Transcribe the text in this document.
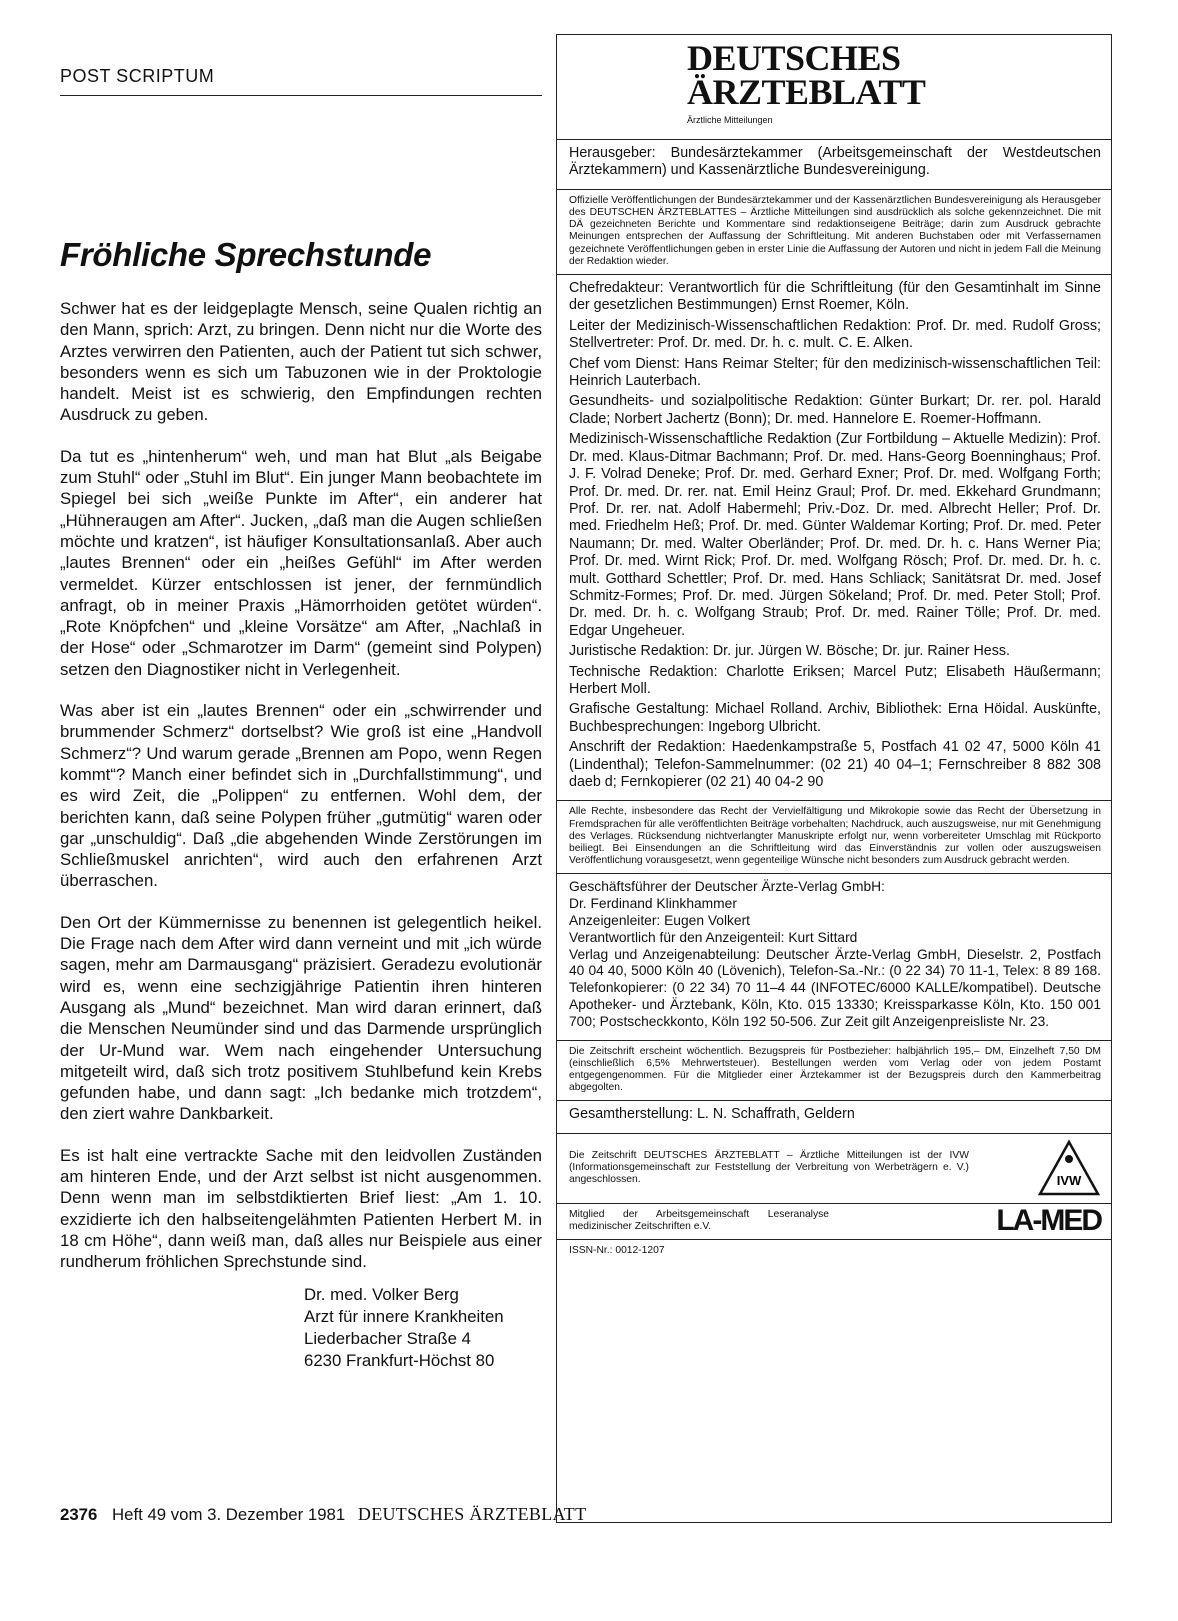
POST SCRIPTUM
Fröhliche Sprechstunde

Schwer hat es der leidgeplagte Mensch, seine Qualen richtig an den Mann, sprich: Arzt, zu bringen. Denn nicht nur die Worte des Arztes verwirren den Patienten, auch der Patient tut sich schwer, besonders wenn es sich um Tabuzonen wie in der Proktologie handelt. Meist ist es schwierig, den Empfindungen rechten Ausdruck zu geben.

Da tut es „hintenherum“ weh, und man hat Blut „als Beigabe zum Stuhl“ oder „Stuhl im Blut“. Ein junger Mann beobachtete im Spiegel bei sich „weiße Punkte im After“, ein anderer hat „Hühneraugen am After“. Jucken, „daß man die Augen schließen möchte und kratzen“, ist häufiger Konsultationsanlaß. Aber auch „lautes Brennen“ oder ein „heißes Gefühl“ im After werden vermeldet. Kürzer entschlossen ist jener, der fernmündlich anfragt, ob in meiner Praxis „Hämorrhoiden getötet würden“. „Rote Knöpfchen“ und „kleine Vorsätze“ am After, „Nachlaß in der Hose“ oder „Schmarotzer im Darm“ (gemeint sind Polypen) setzen den Diagnostiker nicht in Verlegenheit.

Was aber ist ein „lautes Brennen“ oder ein „schwirrender und brummender Schmerz“ dortselbst? Wie groß ist eine „Handvoll Schmerz“? Und warum gerade „Brennen am Popo, wenn Regen kommt“? Manch einer befindet sich in „Durchfallstimmung“, und es wird Zeit, die „Polippen“ zu entfernen. Wohl dem, der berichten kann, daß seine Polypen früher „gutmütig“ waren oder gar „unschuldig“. Daß „die abgehenden Winde Zerstörungen im Schließmuskel anrichten“, wird auch den erfahrenen Arzt überraschen.

Den Ort der Kümmernisse zu benennen ist gelegentlich heikel. Die Frage nach dem After wird dann verneint und mit „ich würde sagen, mehr am Darmausgang“ präzisiert. Geradezu evolutionär wird es, wenn eine sechzigjährige Patientin ihren hinteren Ausgang als „Mund“ bezeichnet. Man wird daran erinnert, daß die Menschen Neumünder sind und das Darmende ursprünglich der Ur-Mund war. Wem nach eingehender Untersuchung mitgeteilt wird, daß sich trotz positivem Stuhlbefund kein Krebs gefunden habe, und dann sagt: „Ich bedanke mich trotzdem“, den ziert wahre Dankbarkeit.

Es ist halt eine vertrackte Sache mit den leidvollen Zuständen am hinteren Ende, und der Arzt selbst ist nicht ausgenommen. Denn wenn man im selbstdiktierten Brief liest: „Am 1. 10. exzidierte ich den halbseitengelähmten Patienten Herbert M. in 18 cm Höhe“, dann weiß man, daß alles nur Beispiele aus einer rundherum fröhlichen Sprechstunde sind.

Dr. med. Volker Berg
Arzt für innere Krankheiten
Liederbacher Straße 4
6230 Frankfurt-Höchst 80
DEUTSCHES
ÄRZTEBLATT
Ärztliche Mitteilungen

Herausgeber: Bundesärztekammer (Arbeitsgemeinschaft der Westdeutschen Ärztekammern) und Kassenärztliche Bundesvereinigung.

Offizielle Veröffentlichungen der Bundesärztekammer und der Kassenärztlichen Bundesvereinigung als Herausgeber des DEUTSCHEN ÄRZTEBLATTES – Ärztliche Mitteilungen sind ausdrücklich als solche gekennzeichnet. Die mit DÄ gezeichneten Berichte und Kommentare sind redaktionseigene Beiträge; darin zum Ausdruck gebrachte Meinungen entsprechen der Auffassung der Schriftleitung. Mit anderen Buchstaben oder mit Verfassernamen gezeichnete Veröffentlichungen geben in erster Linie die Auffassung der Autoren und nicht in jedem Fall die Meinung der Redaktion wieder.

Chefredakteur: Verantwortlich für die Schriftleitung (für den Gesamtinhalt im Sinne der gesetzlichen Bestimmungen) Ernst Roemer, Köln.

Leiter der Medizinisch-Wissenschaftlichen Redaktion: Prof. Dr. med. Rudolf Gross; Stellvertreter: Prof. Dr. med. Dr. h. c. mult. C. E. Alken.

Chef vom Dienst: Hans Reimar Stelter; für den medizinisch-wissenschaftlichen Teil: Heinrich Lauterbach.

Gesundheits- und sozialpolitische Redaktion: Günter Burkart; Dr. rer. pol. Harald Clade; Norbert Jachertz (Bonn); Dr. med. Hannelore E. Roemer-Hoffmann.

Medizinisch-Wissenschaftliche Redaktion (Zur Fortbildung – Aktuelle Medizin): Prof. Dr. med. Klaus-Ditmar Bachmann; Prof. Dr. med. Hans-Georg Boenninghaus; Prof. J. F. Volrad Deneke; Prof. Dr. med. Gerhard Exner; Prof. Dr. med. Wolfgang Forth; Prof. Dr. med. Dr. rer. nat. Emil Heinz Graul; Prof. Dr. med. Ekkehard Grundmann; Prof. Dr. rer. nat. Adolf Habermehl; Priv.-Doz. Dr. med. Albrecht Heller; Prof. Dr. med. Friedhelm Heß; Prof. Dr. med. Günter Waldemar Korting; Prof. Dr. med. Peter Naumann; Dr. med. Walter Oberländer; Prof. Dr. med. Dr. h. c. Hans Werner Pia; Prof. Dr. med. Wirnt Rick; Prof. Dr. med. Wolfgang Rösch; Prof. Dr. med. Dr. h. c. mult. Gotthard Schettler; Prof. Dr. med. Hans Schliack; Sanitätsrat Dr. med. Josef Schmitz-Formes; Prof. Dr. med. Jürgen Sökeland; Prof. Dr. med. Peter Stoll; Prof. Dr. med. Dr. h. c. Wolfgang Straub; Prof. Dr. med. Rainer Tölle; Prof. Dr. med. Edgar Ungeheuer.

Juristische Redaktion: Dr. jur. Jürgen W. Bösche; Dr. jur. Rainer Hess.

Technische Redaktion: Charlotte Eriksen; Marcel Putz; Elisabeth Häußermann; Herbert Moll.

Grafische Gestaltung: Michael Rolland. Archiv, Bibliothek: Erna Höidal. Auskünfte, Buchbesprechungen: Ingeborg Ulbricht.

Anschrift der Redaktion: Haedenkampstraße 5, Postfach 41 02 47, 5000 Köln 41 (Lindenthal); Telefon-Sammelnummer: (02 21) 40 04–1; Fernschreiber 8 882 308 daeb d; Fernkopierer (02 21) 40 04-2 90

Alle Rechte, insbesondere das Recht der Vervielfältigung und Mikrokopie sowie das Recht der Übersetzung in Fremdsprachen für alle veröffentlichten Beiträge vorbehalten; Nachdruck, auch auszugsweise, nur mit Genehmigung des Verlages. Rücksendung nichtverlangter Manuskripte erfolgt nur, wenn vorbereiteter Umschlag mit Rückporto beiliegt. Bei Einsendungen an die Schriftleitung wird das Einverständnis zur vollen oder auszugsweisen Veröffentlichung vorausgesetzt, wenn gegenteilige Wünsche nicht besonders zum Ausdruck gebracht werden.

Geschäftsführer der Deutscher Ärzte-Verlag GmbH:
Dr. Ferdinand Klinkhammer
Anzeigenleiter: Eugen Volkert
Verantwortlich für den Anzeigenteil: Kurt Sittard

Verlag und Anzeigenabteilung: Deutscher Ärzte-Verlag GmbH, Dieselstr. 2, Postfach 40 04 40, 5000 Köln 40 (Lövenich), Telefon-Sa.-Nr.: (0 22 34) 70 11-1, Telex: 8 89 168. Telefonkopierer: (0 22 34) 70 11–4 44 (INFOTEC/6000 KALLE/kompatibel). Deutsche Apotheker- und Ärztebank, Köln, Kto. 015 13330; Kreissparkasse Köln, Kto. 150 001 700; Postscheckkonto, Köln 192 50-506. Zur Zeit gilt Anzeigenpreisliste Nr. 23.

Die Zeitschrift erscheint wöchentlich. Bezugspreis für Postbezieher: halbjährlich 195,– DM, Einzelheft 7,50 DM (einschließlich 6,5% Mehrwertsteuer). Bestellungen werden vom Verlag oder von jedem Postamt entgegengenommen. Für die Mitglieder einer Ärztekammer ist der Bezugspreis durch den Kammerbeitrag abgegolten.

Gesamtherstellung: L. N. Schaffrath, Geldern

Die Zeitschrift DEUTSCHES ÄRZTEBLATT – Ärztliche Mitteilungen ist der IVW (Informationsgemeinschaft zur Feststellung der Verbreitung von Werbeträgern e. V.) angeschlossen.	IVW

Mitglied der Arbeitsgemeinschaft Leseranalyse medizinischer Zeitschriften e.V.	LA-MED

ISSN-Nr.: 0012-1207

2376 Heft 49 vom 3. Dezember 1981 DEUTSCHES ÄRZTEBLATT
